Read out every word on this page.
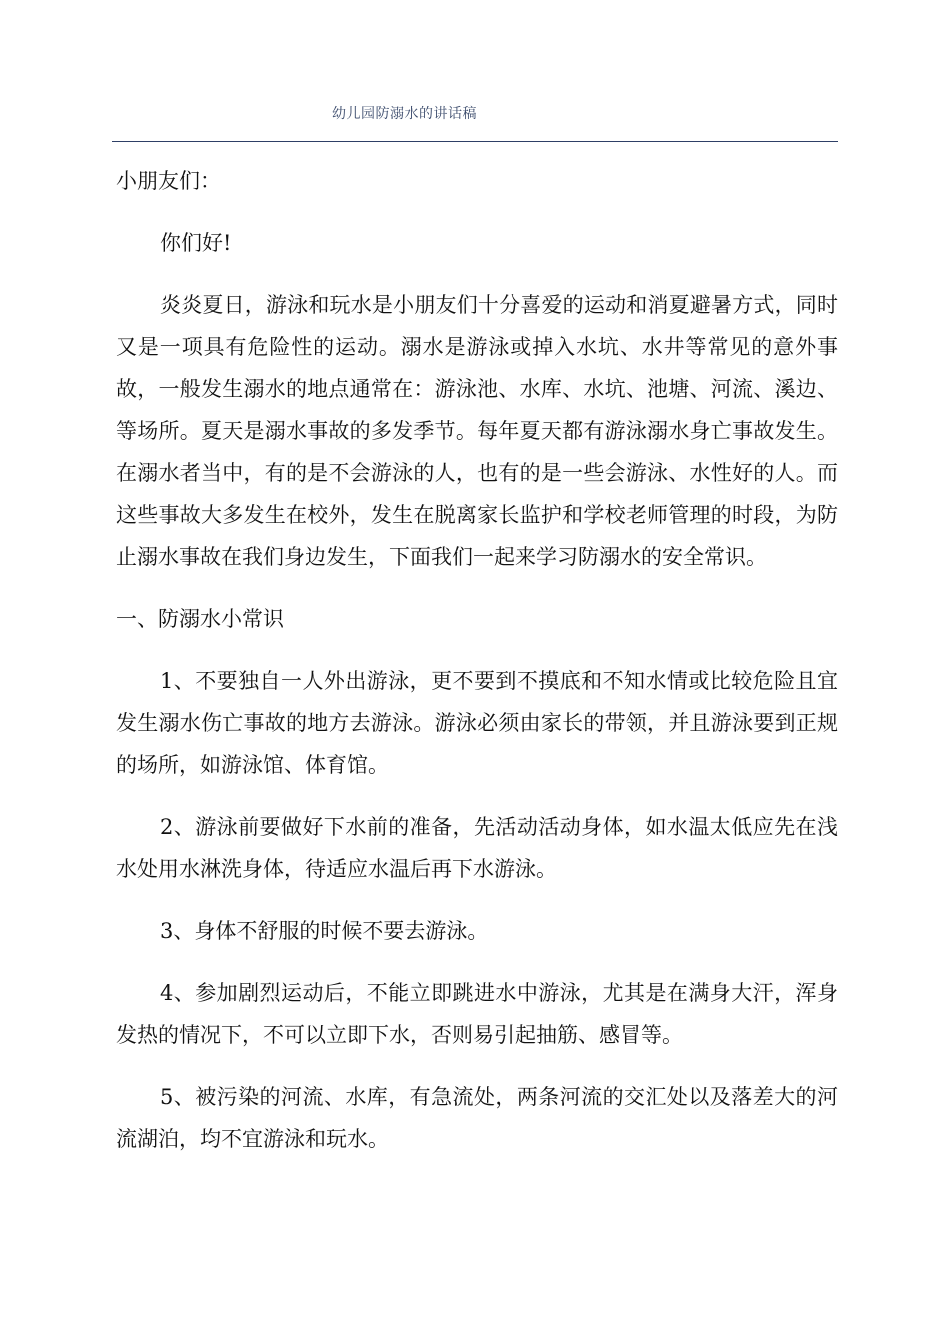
幼儿园防溺水的讲话稿

小朋友们：

你们好!

炎炎夏日，游泳和玩水是小朋友们十分喜爱的运动和消夏避暑方式，同时又是一项具有危险性的运动。溺水是游泳或掉入水坑、水井等常见的意外事故，一般发生溺水的地点通常在：游泳池、水库、水坑、池塘、河流、溪边、等场所。夏天是溺水事故的多发季节。每年夏天都有游泳溺水身亡事故发生。在溺水者当中，有的是不会游泳的人，也有的是一些会游泳、水性好的人。而这些事故大多发生在校外，发生在脱离家长监护和学校老师管理的时段，为防止溺水事故在我们身边发生，下面我们一起来学习防溺水的安全常识。

一、防溺水小常识

1、不要独自一人外出游泳，更不要到不摸底和不知水情或比较危险且宜发生溺水伤亡事故的地方去游泳。游泳必须由家长的带领，并且游泳要到正规的场所，如游泳馆、体育馆。

2、游泳前要做好下水前的准备，先活动活动身体，如水温太低应先在浅水处用水淋洗身体，待适应水温后再下水游泳。

3、身体不舒服的时候不要去游泳。

4、参加剧烈运动后，不能立即跳进水中游泳，尤其是在满身大汗，浑身发热的情况下，不可以立即下水，否则易引起抽筋、感冒等。

5、被污染的河流、水库，有急流处，两条河流的交汇处以及落差大的河流湖泊，均不宜游泳和玩水。
